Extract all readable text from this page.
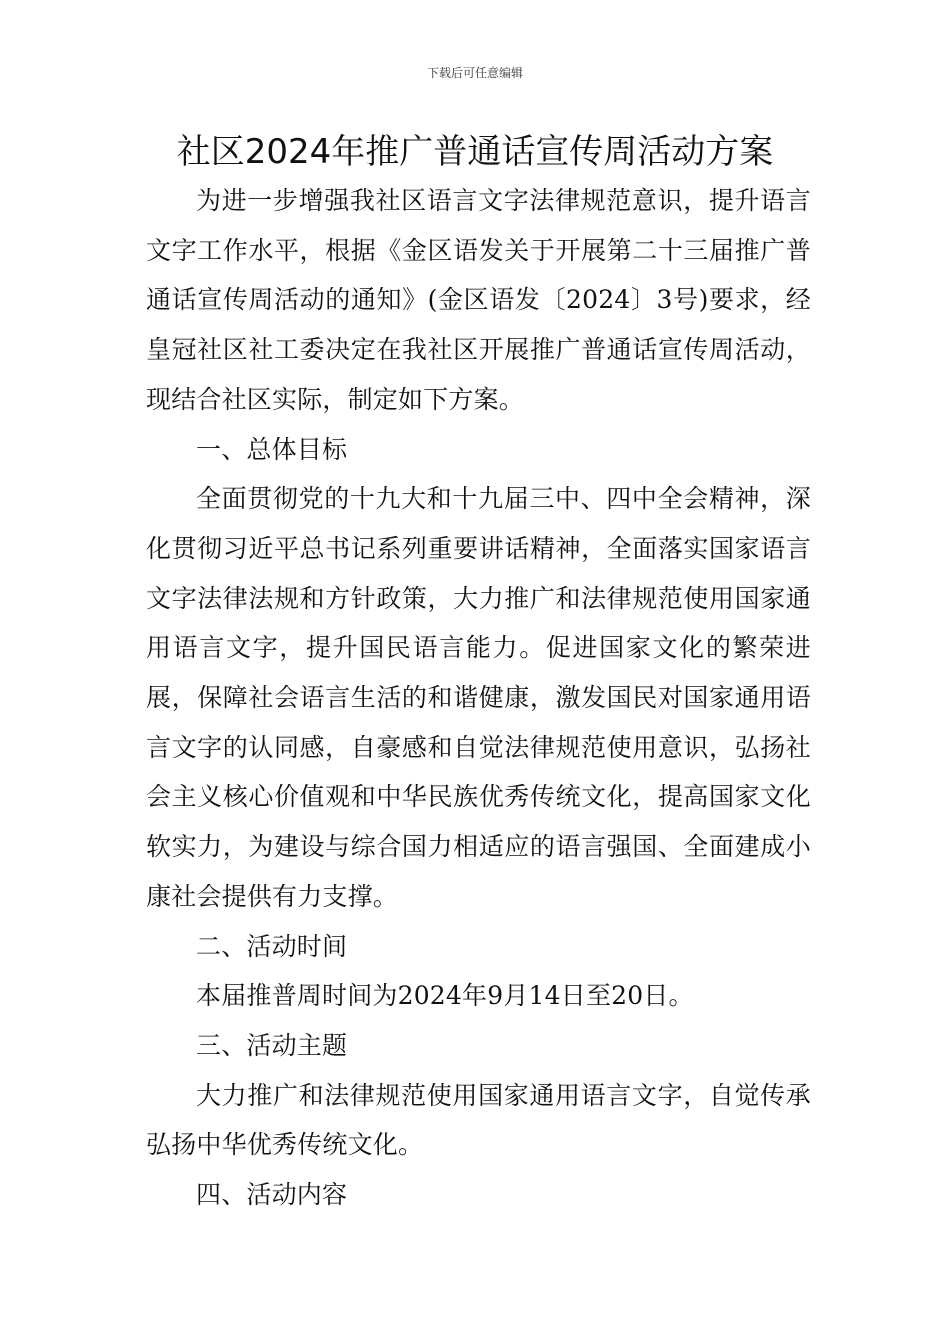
下载后可任意编辑
社区2024年推广普通话宣传周活动方案

为进一步增强我社区语言文字法律规范意识，提升语言文字工作水平，根据《金区语发关于开展第二十三届推广普通话宣传周活动的通知》(金区语发〔2024〕3号)要求，经皇冠社区社工委决定在我社区开展推广普通话宣传周活动，现结合社区实际，制定如下方案。

一、总体目标

全面贯彻党的十九大和十九届三中、四中全会精神，深化贯彻习近平总书记系列重要讲话精神，全面落实国家语言文字法律法规和方针政策，大力推广和法律规范使用国家通用语言文字，提升国民语言能力。促进国家文化的繁荣进展，保障社会语言生活的和谐健康，激发国民对国家通用语言文字的认同感，自豪感和自觉法律规范使用意识，弘扬社会主义核心价值观和中华民族优秀传统文化，提高国家文化软实力，为建设与综合国力相适应的语言强国、全面建成小康社会提供有力支撑。

二、活动时间

本届推普周时间为2024年9月14日至20日。

三、活动主题

大力推广和法律规范使用国家通用语言文字，自觉传承弘扬中华优秀传统文化。

四、活动内容
